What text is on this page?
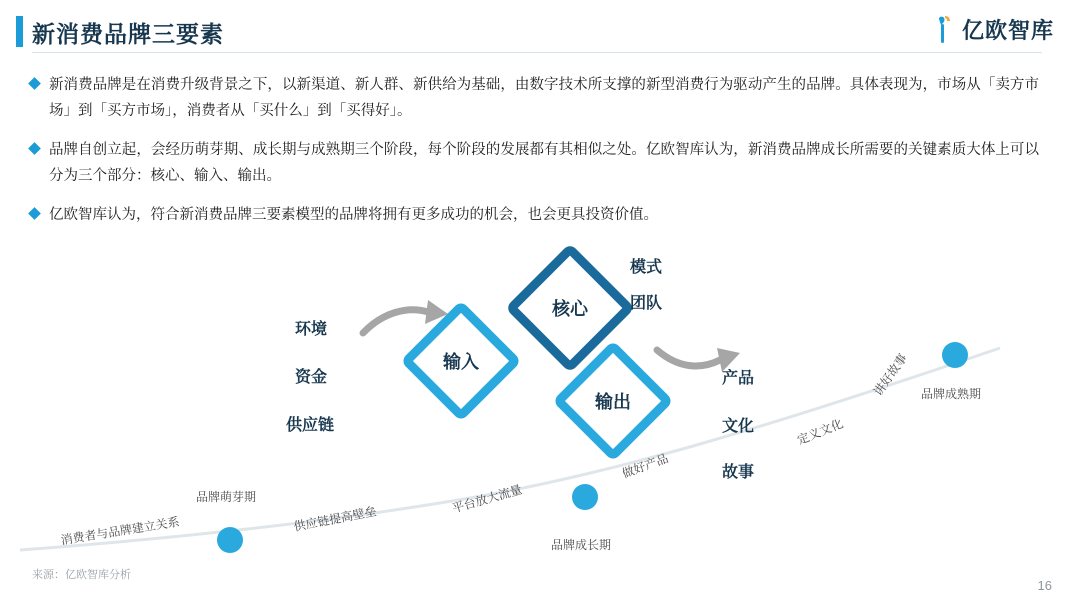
新消费品牌三要素	亿欧智库
新消费品牌是在消费升级背景之下，以新渠道、新人群、新供给为基础，由数字技术所支撑的新型消费行为驱动产生的品牌。具体表现为，市场从「卖方市场」到「买方市场」，消费者从「买什么」到「买得好」。
品牌自创立起，会经历萌芽期、成长期与成熟期三个阶段，每个阶段的发展都有其相似之处。亿欧智库认为，新消费品牌成长所需要的关键素质大体上可以分为三个部分：核心、输入、输出。
亿欧智库认为，符合新消费品牌三要素模型的品牌将拥有更多成功的机会，也会更具投资价值。
核心
输入
输出
环境
资金
供应链
模式
团队
产品
文化
故事
消费者与品牌建立关系	供应链提高壁垒
平台放大流量
做好产品
定义文化
讲好故事
品牌萌芽期
品牌成长期
品牌成熟期
来源：亿欧智库分析
16
